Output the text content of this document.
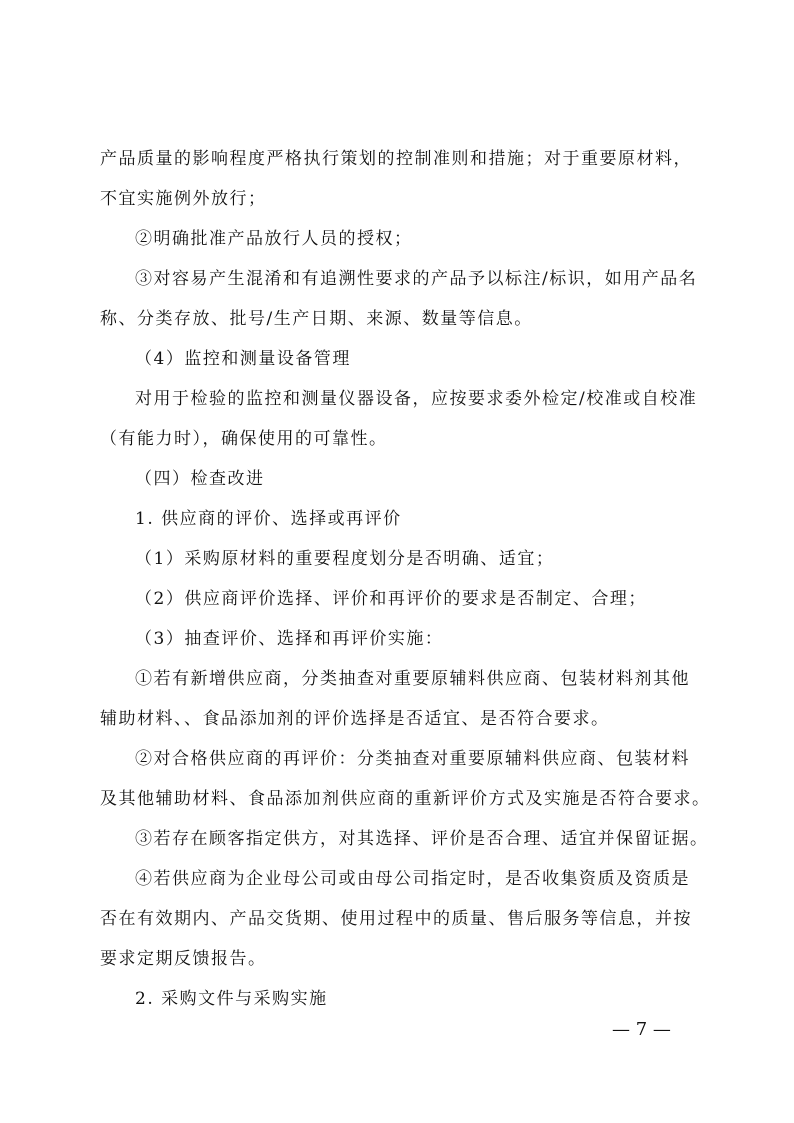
产品质量的影响程度严格执行策划的控制准则和措施；对于重要原材料，
不宜实施例外放行；
②明确批准产品放行人员的授权；
③对容易产生混淆和有追溯性要求的产品予以标注/标识，如用产品名
称、分类存放、批号/生产日期、来源、数量等信息。
（4）监控和测量设备管理
对用于检验的监控和测量仪器设备，应按要求委外检定/校准或自校准
（有能力时），确保使用的可靠性。
（四）检查改进
1. 供应商的评价、选择或再评价
（1）采购原材料的重要程度划分是否明确、适宜；
（2）供应商评价选择、评价和再评价的要求是否制定、合理；
（3）抽查评价、选择和再评价实施：
①若有新增供应商，分类抽查对重要原辅料供应商、包装材料剂其他
辅助材料、、食品添加剂的评价选择是否适宜、是否符合要求。
②对合格供应商的再评价：分类抽查对重要原辅料供应商、包装材料
及其他辅助材料、食品添加剂供应商的重新评价方式及实施是否符合要求。
③若存在顾客指定供方，对其选择、评价是否合理、适宜并保留证据。
④若供应商为企业母公司或由母公司指定时，是否收集资质及资质是
否在有效期内、产品交货期、使用过程中的质量、售后服务等信息，并按
要求定期反馈报告。
2. 采购文件与采购实施
— 7 —
